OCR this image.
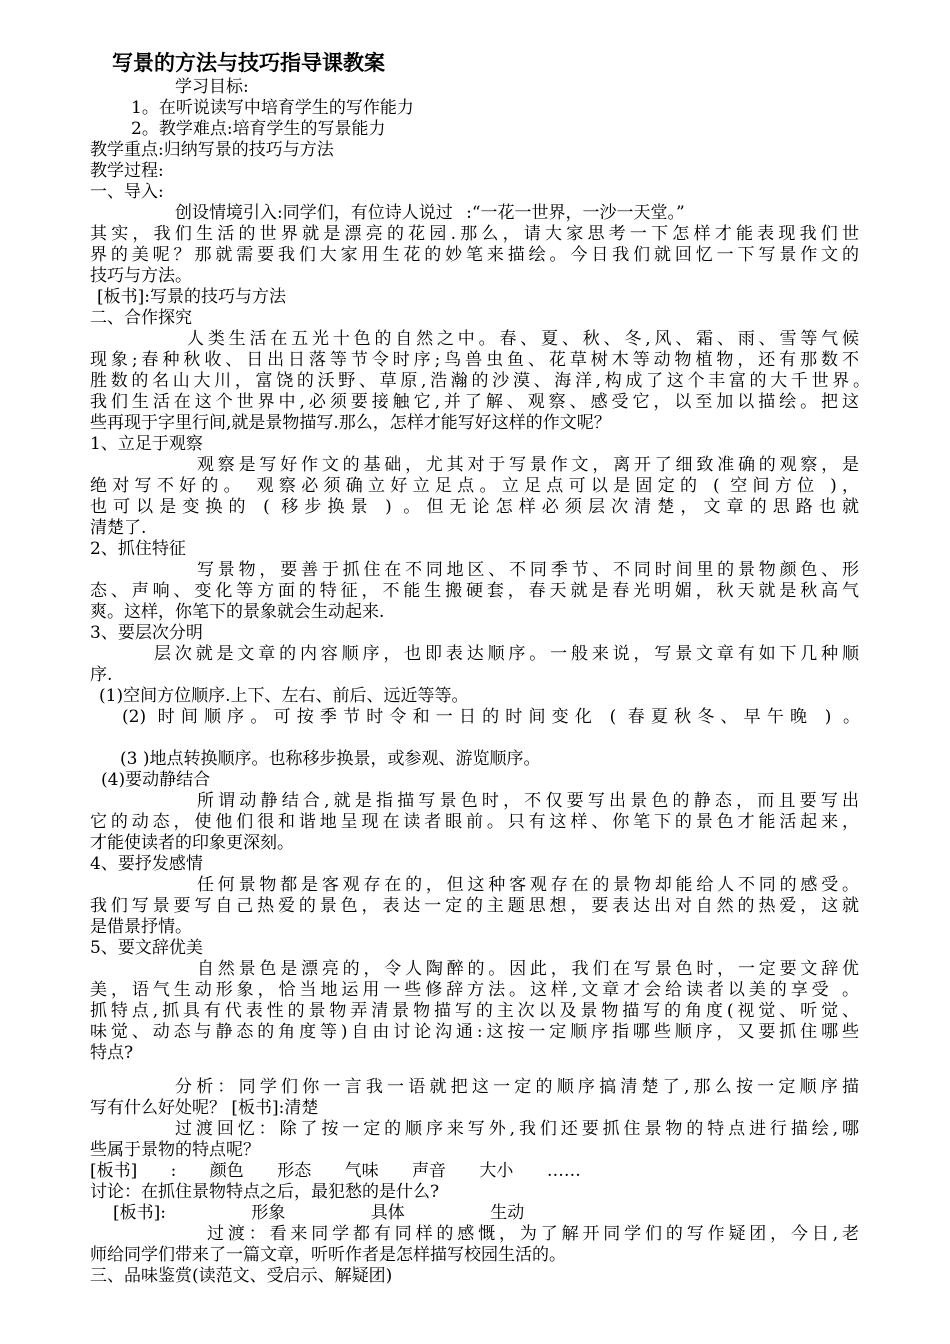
写景的方法与技巧指导课教案
学习目标:
1。在听说读写中培育学生的写作能力
2。教学难点:培育学生的写景能力
教学重点:归纳写景的技巧与方法
教学过程:
一、导入:
创设情境引入:同学们，有位诗人说过 :“一花一世界，一沙一天堂。”
其实，我们生活的世界就是漂亮的花园.那么，请大家思考一下怎样才能表现我们世
界的美呢？那就需要我们大家用生花的妙笔来描绘。今日我们就回忆一下写景作文的
技巧与方法。
[板书]:写景的技巧与方法
二、合作探究
人类生活在五光十色的自然之中。春、夏、秋、冬,风、霜、雨、雪等气候
现象;春种秋收、日出日落等节令时序;鸟兽虫鱼、花草树木等动物植物，还有那数不
胜数的名山大川，富饶的沃野、草原,浩瀚的沙漠、海洋,构成了这个丰富的大千世界。
我们生活在这个世界中,必须要接触它,并了解、观察、感受它，以至加以描绘。把这
些再现于字里行间,就是景物描写.那么，怎样才能写好这样的作文呢？
1、立足于观察
观察是写好作文的基础，尤其对于写景作文，离开了细致准确的观察，是
绝对写不好的。 观察必须确立好立足点。立足点可以是固定的 ( 空间方位 )，
也可以是变换的 ( 移步换景 ) 。但无论怎样必须层次清楚，文章的思路也就
清楚了.
2、抓住特征
写景物，要善于抓住在不同地区、不同季节、不同时间里的景物颜色、形
态、声响、变化等方面的特征，不能生搬硬套，春天就是春光明媚，秋天就是秋高气
爽。这样，你笔下的景象就会生动起来.
3、要层次分明
层次就是文章的内容顺序，也即表达顺序。一般来说，写景文章有如下几种顺
序.
(1)空间方位顺序.上下、左右、前后、远近等等。
(2) 时间顺序。可按季节时令和一日的时间变化 ( 春夏秋冬、早午晚 ) 。
(3 )地点转换顺序。也称移步换景，或参观、游览顺序。
(4)要动静结合
所谓动静结合,就是指描写景色时，不仅要写出景色的静态，而且要写出
它的动态，使他们很和谐地呈现在读者眼前。只有这样、你笔下的景色才能活起来，
才能使读者的印象更深刻。
4、要抒发感情
任何景物都是客观存在的，但这种客观存在的景物却能给人不同的感受。
我们写景要写自己热爱的景色，表达一定的主题思想，要表达出对自然的热爱，这就
是借景抒情。
5、要文辞优美
自然景色是漂亮的，令人陶醉的。因此，我们在写景色时，一定要文辞优
美，语气生动形象，恰当地运用一些修辞方法。这样,文章才会给读者以美的享受 。
抓特点,抓具有代表性的景物弄清景物描写的主次以及景物描写的角度(视觉、听觉、
味觉、动态与静态的角度等)自由讨论沟通:这按一定顺序指哪些顺序，又要抓住哪些
特点?
分析：同学们你一言我一语就把这一定的顺序搞清楚了,那么按一定顺序描
写有什么好处呢？ [板书]:清楚
过渡回忆：除了按一定的顺序来写外,我们还要抓住景物的特点进行描绘,哪
些属于景物的特点呢？
[板书] : 颜色 形态 气味 声音 大小 ……
讨论：在抓住景物特点之后，最犯愁的是什么?
[板书]: 形象 具体 生动
过渡：看来同学都有同样的感慨，为了解开同学们的写作疑团，今日,老
师给同学们带来了一篇文章，听听作者是怎样描写校园生活的。
三、品味鉴赏(读范文、受启示、解疑团)
